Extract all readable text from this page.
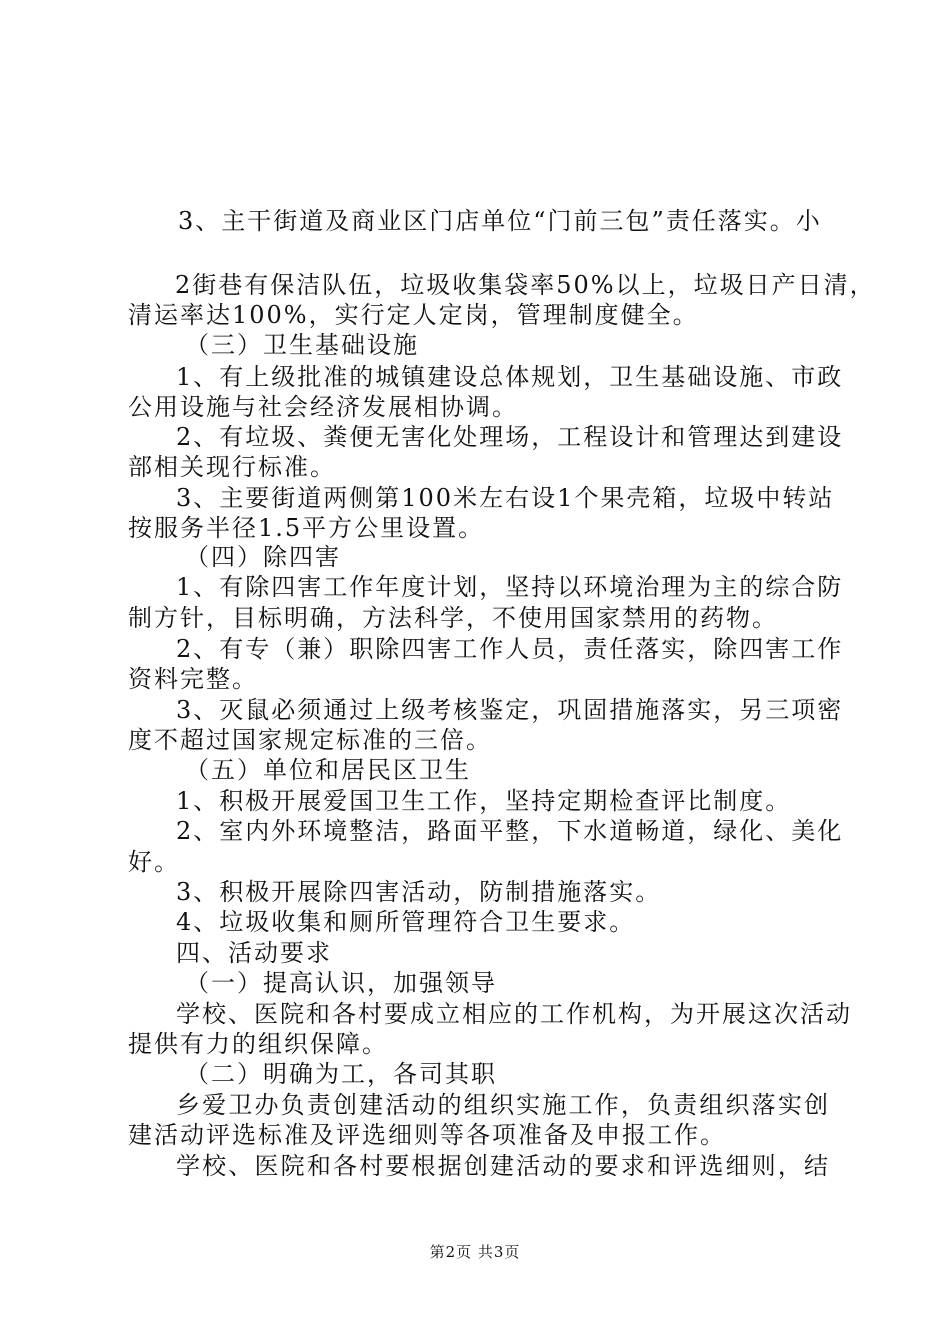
3、主干街道及商业区门店单位“门前三包”责任落实。小
2街巷有保洁队伍，垃圾收集袋率50%以上，垃圾日产日清，
清运率达100%，实行定人定岗，管理制度健全。
（三）卫生基础设施
1、有上级批准的城镇建设总体规划，卫生基础设施、市政
公用设施与社会经济发展相协调。
2、有垃圾、粪便无害化处理场，工程设计和管理达到建设
部相关现行标准。
3、主要街道两侧第100米左右设1个果壳箱，垃圾中转站
按服务半径1.5平方公里设置。
（四）除四害
1、有除四害工作年度计划，坚持以环境治理为主的综合防
制方针，目标明确，方法科学，不使用国家禁用的药物。
2、有专（兼）职除四害工作人员，责任落实，除四害工作
资料完整。
3、灭鼠必须通过上级考核鉴定，巩固措施落实，另三项密
度不超过国家规定标准的三倍。
（五）单位和居民区卫生
1、积极开展爱国卫生工作，坚持定期检查评比制度。
2、室内外环境整洁，路面平整，下水道畅道，绿化、美化
好。
3、积极开展除四害活动，防制措施落实。
4、垃圾收集和厕所管理符合卫生要求。
四、活动要求
（一）提高认识，加强领导
学校、医院和各村要成立相应的工作机构，为开展这次活动
提供有力的组织保障。
（二）明确为工，各司其职
乡爱卫办负责创建活动的组织实施工作，负责组织落实创
建活动评选标准及评选细则等各项准备及申报工作。
学校、医院和各村要根据创建活动的要求和评选细则，结
第2页 共3页
